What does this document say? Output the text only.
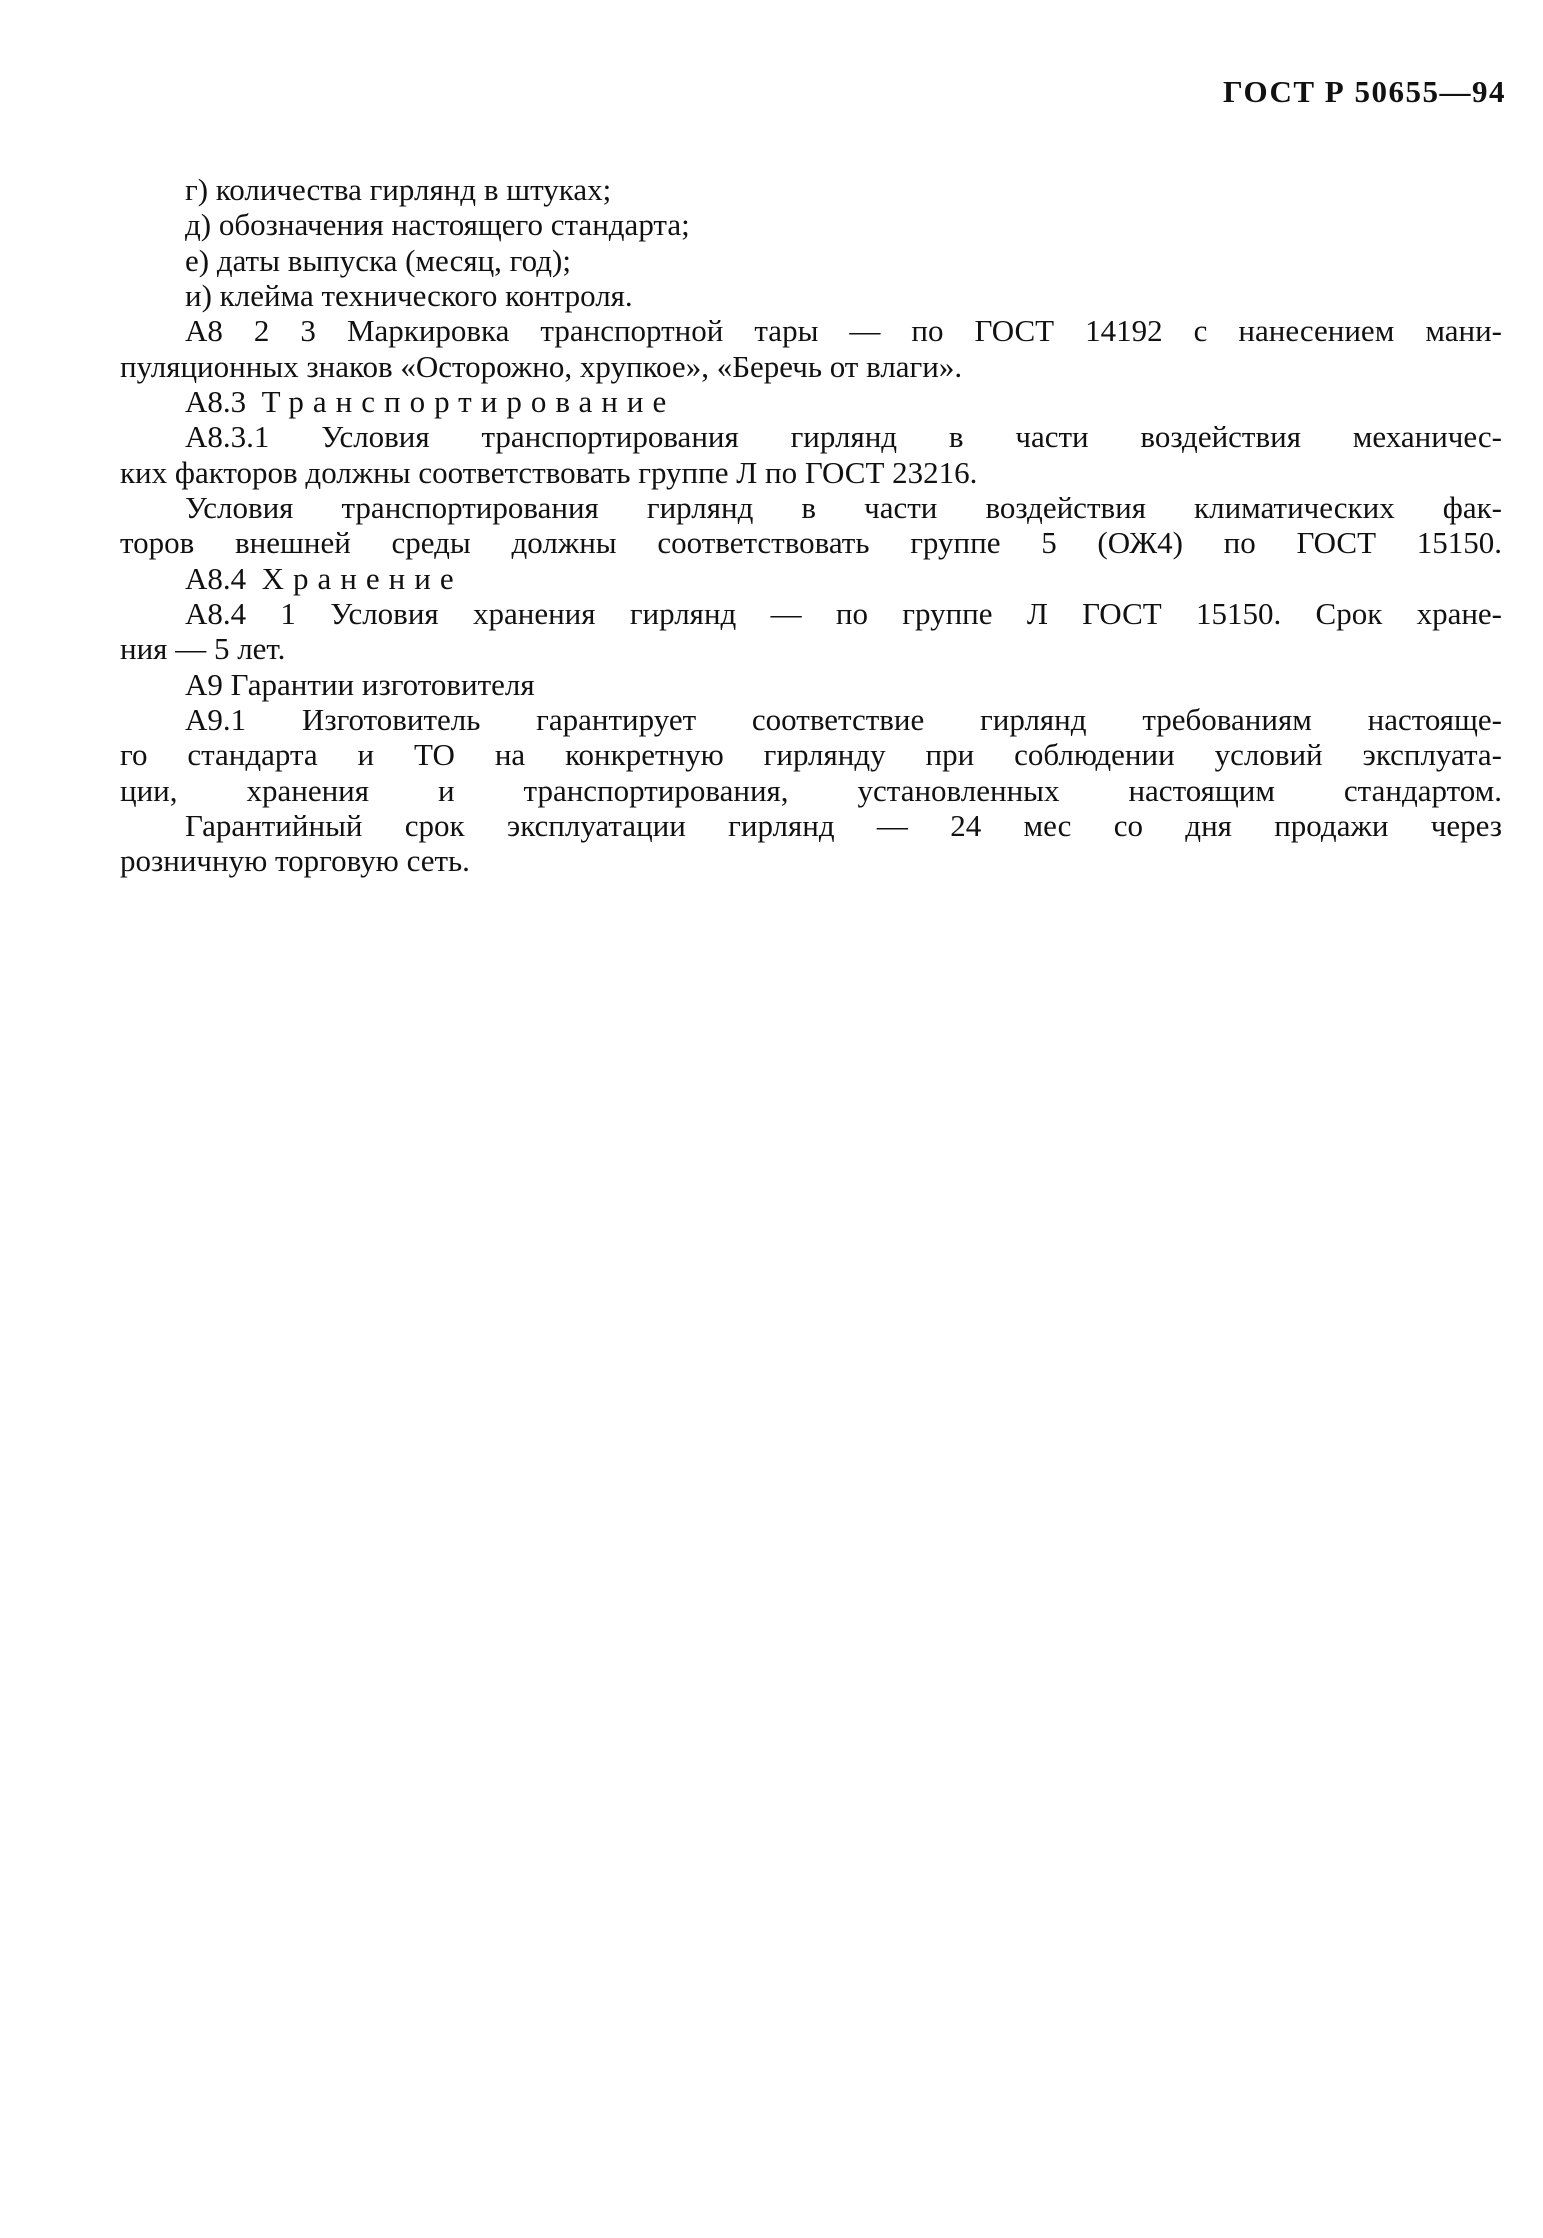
ГОСТ Р 50655—94
г) количества гирлянд в штуках;
д) обозначения настоящего стандарта;
е) даты выпуска (месяц, год);
и) клейма технического контроля.
А8 2 3 Маркировка транспортной тары — по ГОСТ 14192 с нанесением мани-
пуляционных знаков «Осторожно, хрупкое», «Беречь от влаги».
А8.3 Транспортирование
А8.3.1 Условия транспортирования гирлянд в части воздействия механичес-
ких факторов должны соответствовать группе Л по ГОСТ 23216.
Условия транспортирования гирлянд в части воздействия климатических фак-
торов внешней среды должны соответствовать группе 5 (ОЖ4) по ГОСТ 15150.
А8.4 Хранение
А8.4 1 Условия хранения гирлянд — по группе Л ГОСТ 15150. Срок хране-
ния — 5 лет.
А9 Гарантии изготовителя
А9.1 Изготовитель гарантирует соответствие гирлянд требованиям настояще-
го стандарта и ТО на конкретную гирлянду при соблюдении условий эксплуата-
ции, хранения и транспортирования, установленных настоящим стандартом.
Гарантийный срок эксплуатации гирлянд — 24 мес со дня продажи через
розничную торговую сеть.
